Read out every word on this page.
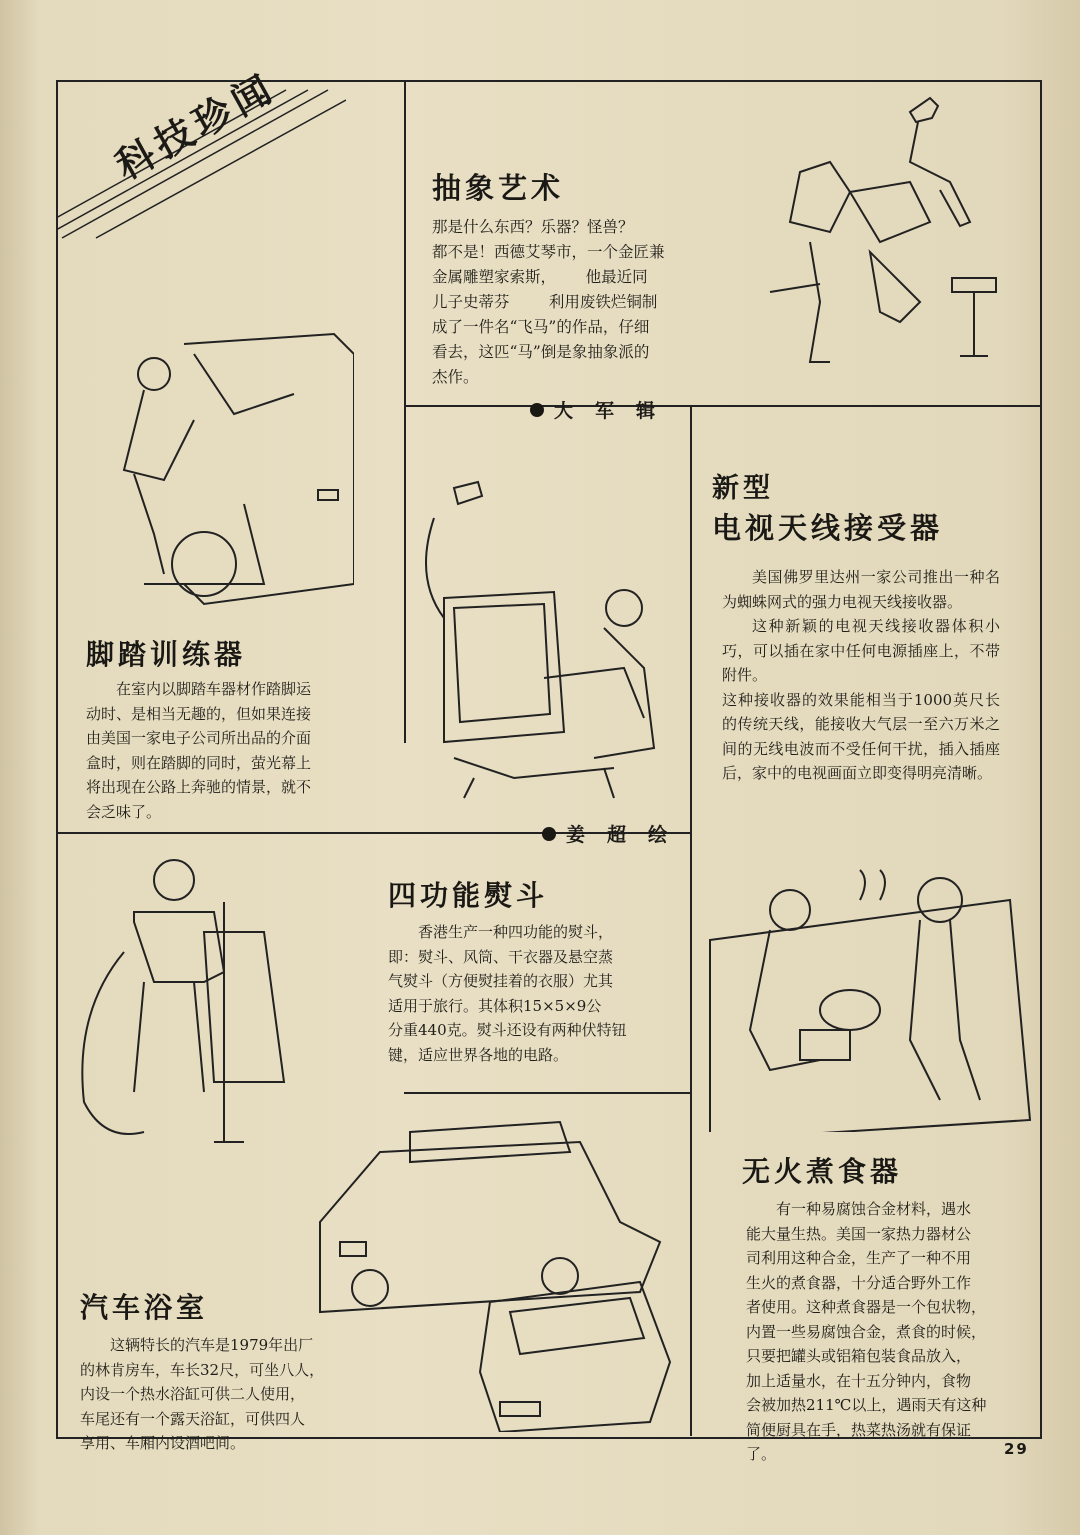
科技珍闻	抽象艺术

那是什么东西？乐器？怪兽？

都不是！西德艾琴市，一个金匠兼

金属雕塑家索斯，      他最近同

儿子史蒂芬        利用废铁烂铜制

成了一件名“飞马”的作品，仔细

看去，这匹“马”倒是象抽象派的

杰作。

大军辑
脚踏训练器

在室内以脚踏车器材作踏脚运

动时、是相当无趣的，但如果连接

由美国一家电子公司所出品的介面

盒时，则在踏脚的同时，萤光幕上

将出现在公路上奔驰的情景，就不

会乏味了。

新型
电视天线接受器

美国佛罗里达州一家公司推出一种名为蜘蛛网式的强力电视天线接收器。

这种新颖的电视天线接收器体积小巧，可以插在家中任何电源插座上，不带附件。

这种接收器的效果能相当于1000英尺长的传统天线，能接收大气层一至六万米之间的无线电波而不受任何干扰，插入插座后，家中的电视画面立即变得明亮清晰。

姜超绘
四功能熨斗

香港生产一种四功能的熨斗，

即：熨斗、风筒、干衣器及悬空蒸

气熨斗（方便熨挂着的衣服）尤其

适用于旅行。其体积15×5×9公

分重440克。熨斗还设有两种伏特钮

键，适应世界各地的电路。

无火煮食器

有一种易腐蚀合金材料，遇水

能大量生热。美国一家热力器材公

司利用这种合金，生产了一种不用

生火的煮食器，十分适合野外工作

者使用。这种煮食器是一个包状物，

内置一些易腐蚀合金，煮食的时候，

只要把罐头或铝箱包装食品放入，

加上适量水，在十五分钟内，食物

会被加热211℃以上，遇雨天有这种

简便厨具在手，热菜热汤就有保证

了。

汽车浴室

这辆特长的汽车是1979年出厂

的林肯房车，车长32尺，可坐八人，

内设一个热水浴缸可供二人使用，

车尾还有一个露天浴缸，可供四人

享用、车厢内设酒吧间。	29
